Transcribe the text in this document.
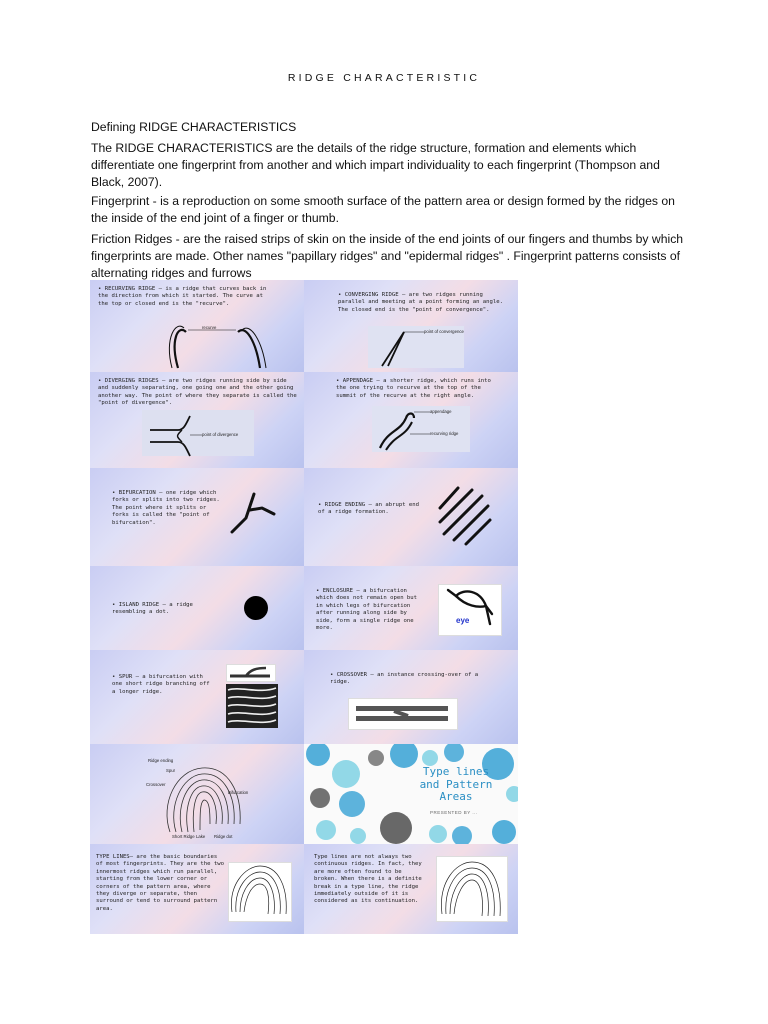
RIDGE CHARACTERISTIC

Defining RIDGE CHARACTERISTICS

The RIDGE CHARACTERISTICS are the details of the ridge structure, formation and elements which differentiate one fingerprint from another and which impart individuality to each fingerprint (Thompson and Black, 2007).

Fingerprint - is a reproduction on some smooth surface of the pattern area or design formed by the ridges on the inside of the end joint of a finger or thumb.

Friction Ridges - are the raised strips of skin on the inside of the end joints of our fingers and thumbs by which fingerprints are made. Other names "papillary ridges" and "epidermal ridges" . Fingerprint patterns consists of alternating ridges and furrows

• RECURVING RIDGE – is a ridge that curves back in the direction from which it started. The curve at the top or closed end is the "recurve".
recurve
• CONVERGING RIDGE – are two ridges running parallel and meeting at a point forming an angle. The closed end is the "point of convergence".
point of convergence
• DIVERGING RIDGES – are two ridges running side by side and suddenly separating, one going one and the other going another way. The point of where they separate is called the "point of divergence".
point of divergence
• APPENDAGE – a shorter ridge, which runs into the one trying to recurve at the top of the summit of the recurve at the right angle.
appendage
recurving ridge
• BIFURCATION – one ridge which forks or splits into two ridges. The point where it splits or forks is called the "point of bifurcation".
• RIDGE ENDING – an abrupt end of a ridge formation.
• ISLAND RIDGE – a ridge resembling a dot.
• ENCLOSURE – a bifurcation which does not remain open but in which legs of bifurcation after running along side by side, form a single ridge one more.
eye
• SPUR – a bifurcation with one short ridge branching off a longer ridge.
• CROSSOVER – an instance crossing-over of a ridge.
Ridge ending
Spur
Crossover
Bifurcation
Short Ridge Lake Ridge dot
Type lines and Pattern Areas
PRESENTED BY ...
TYPE LINES– are the basic boundaries of most fingerprints. They are the two innermost ridges which run parallel, starting from the lower corner or corners of the pattern area, where they diverge or separate, then surround or tend to surround pattern area.
Type lines are not always two continuous ridges. In fact, they are more often found to be broken. When there is a definite break in a type line, the ridge immediately outside of it is considered as its continuation.
